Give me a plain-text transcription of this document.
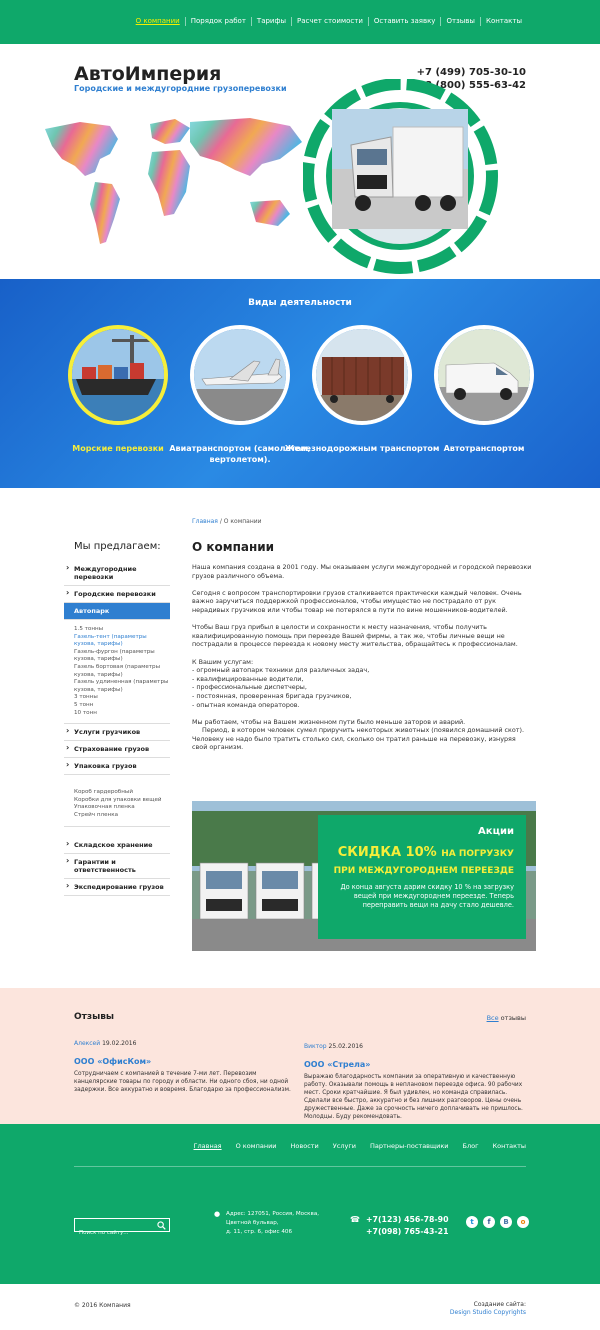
О компании	Порядок работ	Тарифы	Расчет стоимости	Оставить заявку	Отзывы	Контакты
АвтоИмперия
Городские и междугородние грузоперевозки
+7 (499) 705-30-10
8 (800) 555-63-42
Виды деятельности
Морские перевозки Авиатранспортом (самолетом, вертолетом).
Железнодорожным транспортом Автотранспортом
Главная / О компании
Мы предлагаем:
› Междугородние перевозки
› Городские перевозки
Автопарк
1.5 тонны
Газель-тент (параметры кузова, тарифы)
Газель-фургон (параметры кузова, тарифы)
Газель бортовая (параметры кузова, тарифы)
Газель удлиненная (параметры кузова, тарифы)
3 тонны
5 тонн
10 тонн
› Услуги грузчиков
› Страхование грузов
› Упаковка грузов
Короб гардеробный
Коробки для упаковки вещей
Упаковочная пленка
Стрейч пленка
› Складское хранение
› Гарантии и ответственность
› Экспедирование грузов
О компании

Наша компания создана в 2001 году. Мы оказываем услуги междугородней и городской перевозки грузов различного объема.

Сегодня с вопросом транспортировки грузов сталкивается практически каждый человек. Очень важно заручиться поддержкой профессионалов, чтобы имущество не пострадало от рук нерадивых грузчиков или чтобы товар не потерялся в пути по вине мошенников-водителей.

Чтобы Ваш груз прибыл в целости и сохранности к месту назначения, чтобы получить квалифицированную помощь при переезде Вашей фирмы, а так же, чтобы личные вещи не пострадали в процессе переезда к новому месту жительства, обращайтесь к профессионалам.

К Вашим услугам:
- огромный автопарк техники для различных задач,
- квалифицированные водители,
- профессиональные диспетчеры,
- постоянная, проверенная бригада грузчиков,
- опытная команда операторов.

Мы работаем, чтобы на Вашем жизненном пути было меньше заторов и аварий.

Период, в котором человек сумел приручить некоторых животных (появился домашний скот). Человеку не надо было тратить столько сил, сколько он тратил раньше на перевозку, изнуряя свой организм.

Акции
СКИДКА 10% НА ПОГРУЗКУ
ПРИ МЕЖДУГОРОДНЕМ ПЕРЕЕЗДЕ
До конца августа дарим скидку 10 % на загрузку вещей при междугороднем переезде. Теперь переправить вещи на дачу стало дешевле.
Отзывы	Все отзывы
Алексей 19.02.2016
ООО «ОфисКом»
Сотрудничаем с компанией в течение 7-ми лет. Перевозим канцелярские товары по городу и области. Ни одного сбоя, ни одной задержки. Все аккуратно и вовремя. Благодарю за профессионализм.
Виктор 25.02.2016
ООО «Стрела»
Выражаю благодарность компании за оперативную и качественную работу. Оказывали помощь в неплановом переезде офиса. 90 рабочих мест. Сроки кратчайшие. Я был удивлен, но команда справилась. Сделали все быстро, аккуратно и без лишних разговоров. Цены очень дружественные. Даже за срочность ничего доплачивать не пришлось. Молодцы. Буду рекомендовать.
Главная О компании Новости Услуги Партнеры-поставщики Блог Контакты
Поиск по сайту...
● Адрес: 127051, Россия, Москва,
Цветной бульвар,
д. 11, стр. 6, офис 406
☎ +7(123) 456-78-90
+7(098) 765-43-21
t	f	В	о
© 2016 Компания	Создание сайта:
Design Studio Copyrights
